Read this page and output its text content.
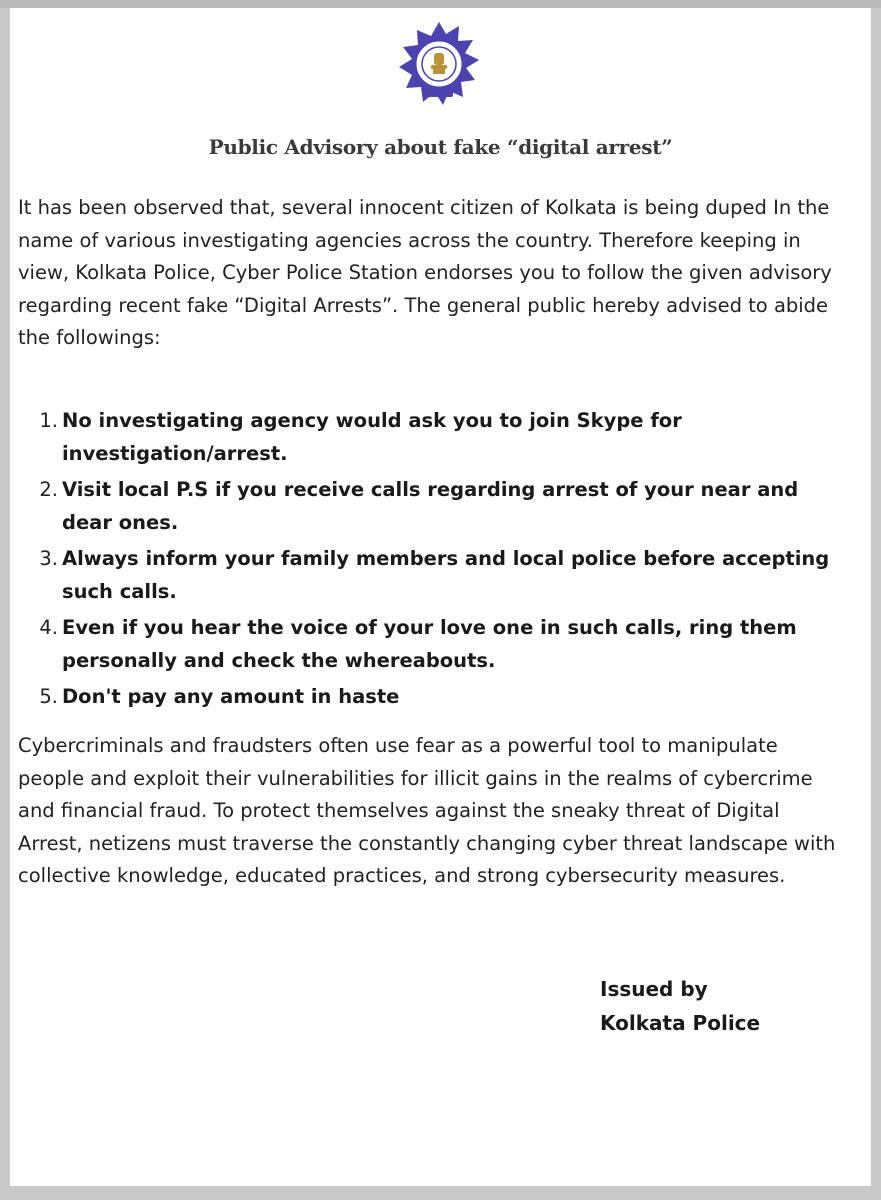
Public Advisory about fake “digital arrest”

It has been observed that, several innocent citizen of Kolkata is being duped In the name of various investigating agencies across the country. Therefore keeping in view, Kolkata Police, Cyber Police Station endorses you to follow the given advisory regarding recent fake “Digital Arrests”. The general public hereby advised to abide the followings:

1. No investigating agency would ask you to join Skype for investigation/arrest.
2. Visit local P.S if you receive calls regarding arrest of your near and dear ones.
3. Always inform your family members and local police before accepting such calls.
4. Even if you hear the voice of your love one in such calls, ring them personally and check the whereabouts.
5. Don't pay any amount in haste

Cybercriminals and fraudsters often use fear as a powerful tool to manipulate people and exploit their vulnerabilities for illicit gains in the realms of cybercrime and financial fraud. To protect themselves against the sneaky threat of Digital Arrest, netizens must traverse the constantly changing cyber threat landscape with collective knowledge, educated practices, and strong cybersecurity measures.

Issued by
Kolkata Police
